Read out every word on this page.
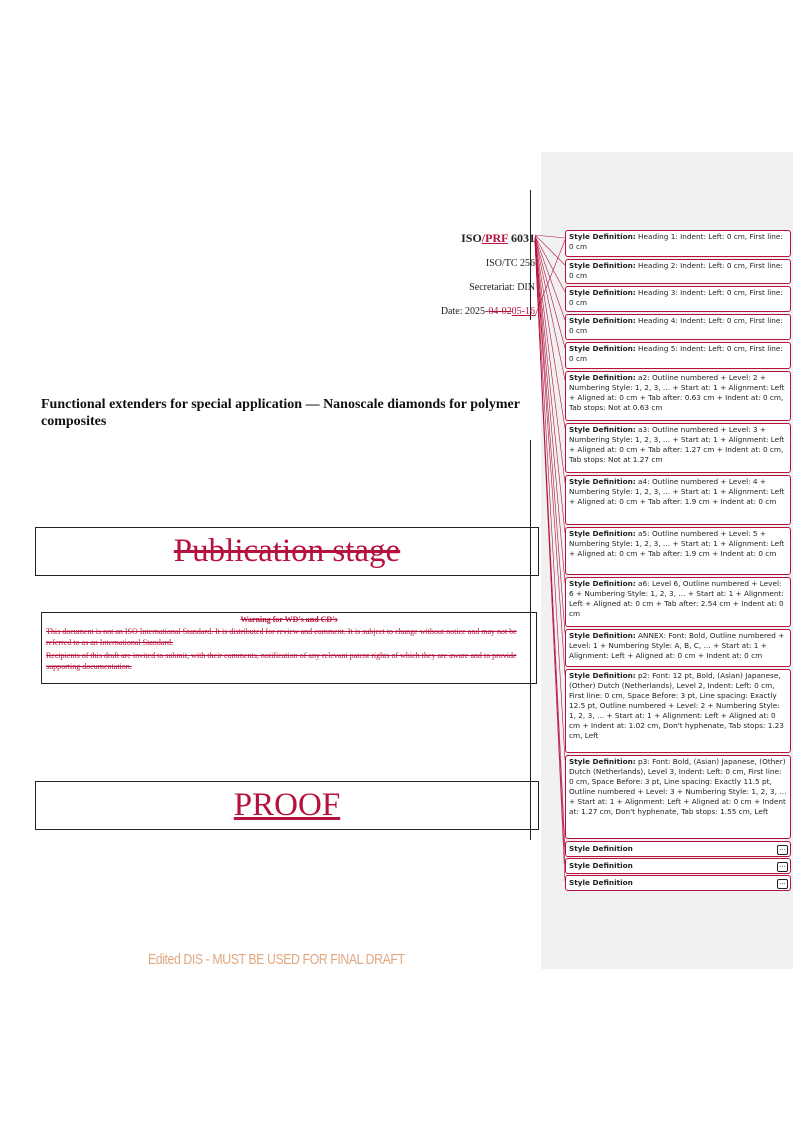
ISO/PRF 6031
ISO/TC 256
Secretariat: DIN
Date: 2025-04-0205-16
Functional extenders for special application — Nanoscale diamonds for polymer composites
Publication stage
Warning for WD's and CD's

This document is not an ISO International Standard. It is distributed for review and comment. It is subject to change without notice and may not be referred to as an International Standard.

Recipients of this draft are invited to submit, with their comments, notification of any relevant patent rights of which they are aware and to provide supporting documentation.

PROOF
Edited DIS - MUST BE USED FOR FINAL DRAFT
Style Definition: Heading 1: Indent: Left: 0 cm, First line: 0 cm
Style Definition: Heading 2: Indent: Left: 0 cm, First line: 0 cm
Style Definition: Heading 3: Indent: Left: 0 cm, First line: 0 cm
Style Definition: Heading 4: Indent: Left: 0 cm, First line: 0 cm
Style Definition: Heading 5: Indent: Left: 0 cm, First line: 0 cm
Style Definition: a2: Outline numbered + Level: 2 + Numbering Style: 1, 2, 3, … + Start at: 1 + Alignment: Left + Aligned at: 0 cm + Tab after: 0.63 cm + Indent at: 0 cm, Tab stops: Not at 0.63 cm
Style Definition: a3: Outline numbered + Level: 3 + Numbering Style: 1, 2, 3, … + Start at: 1 + Alignment: Left + Aligned at: 0 cm + Tab after: 1.27 cm + Indent at: 0 cm, Tab stops: Not at 1.27 cm
Style Definition: a4: Outline numbered + Level: 4 + Numbering Style: 1, 2, 3, … + Start at: 1 + Alignment: Left + Aligned at: 0 cm + Tab after: 1.9 cm + Indent at: 0 cm
Style Definition: a5: Outline numbered + Level: 5 + Numbering Style: 1, 2, 3, … + Start at: 1 + Alignment: Left + Aligned at: 0 cm + Tab after: 1.9 cm + Indent at: 0 cm
Style Definition: a6: Level 6, Outline numbered + Level: 6 + Numbering Style: 1, 2, 3, … + Start at: 1 + Alignment: Left + Aligned at: 0 cm + Tab after: 2.54 cm + Indent at: 0 cm
Style Definition: ANNEX: Font: Bold, Outline numbered + Level: 1 + Numbering Style: A, B, C, … + Start at: 1 + Alignment: Left + Aligned at: 0 cm + Indent at: 0 cm
Style Definition: p2: Font: 12 pt, Bold, (Asian) Japanese, (Other) Dutch (Netherlands), Level 2, Indent: Left: 0 cm, First line: 0 cm, Space Before: 3 pt, Line spacing: Exactly 12.5 pt, Outline numbered + Level: 2 + Numbering Style: 1, 2, 3, … + Start at: 1 + Alignment: Left + Aligned at: 0 cm + Indent at: 1.02 cm, Don't hyphenate, Tab stops: 1.23 cm, Left
Style Definition: p3: Font: Bold, (Asian) Japanese, (Other) Dutch (Netherlands), Level 3, Indent: Left: 0 cm, First line: 0 cm, Space Before: 3 pt, Line spacing: Exactly 11.5 pt, Outline numbered + Level: 3 + Numbering Style: 1, 2, 3, … + Start at: 1 + Alignment: Left + Aligned at: 0 cm + Indent at: 1.27 cm, Don't hyphenate, Tab stops: 1.55 cm, Left
Style Definition	...
Style Definition	...
Style Definition	...
